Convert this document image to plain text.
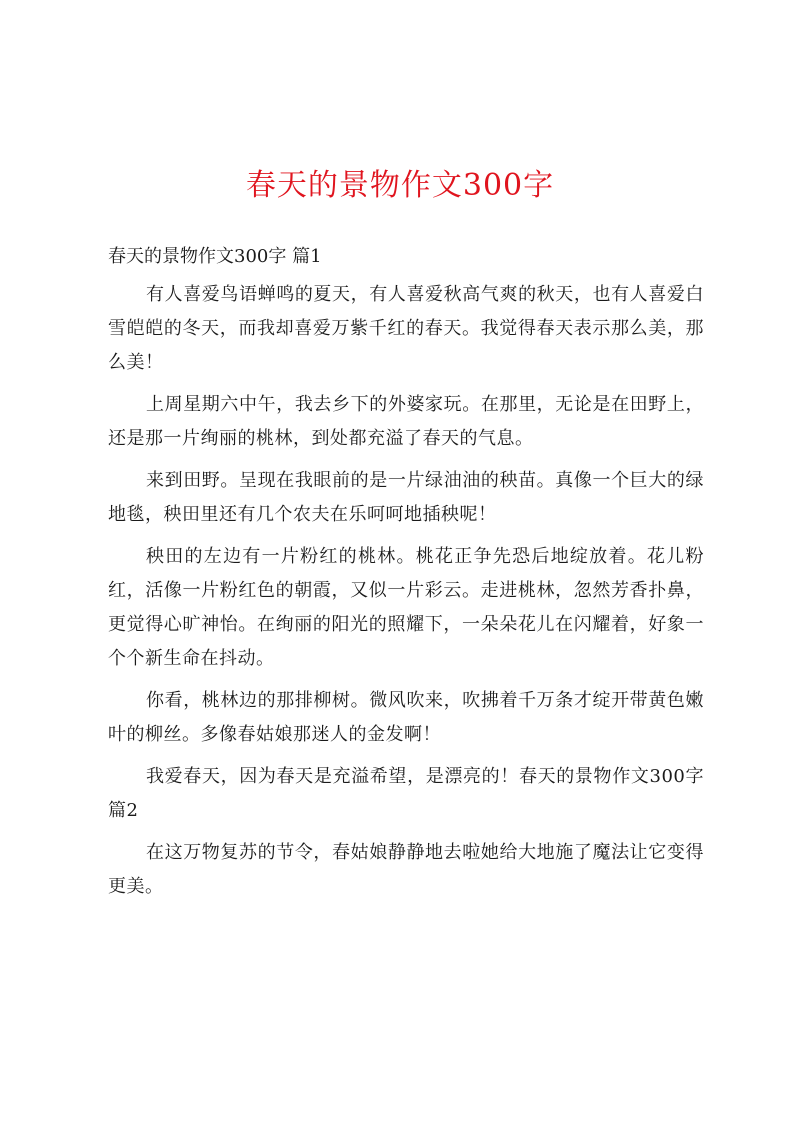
春天的景物作文300字
春天的景物作文300字 篇1

有人喜爱鸟语蝉鸣的夏天，有人喜爱秋高气爽的秋天，也有人喜爱白雪皑皑的冬天，而我却喜爱万紫千红的春天。我觉得春天表示那么美，那么美！

上周星期六中午，我去乡下的外婆家玩。在那里，无论是在田野上，还是那一片绚丽的桃林，到处都充溢了春天的气息。

来到田野。呈现在我眼前的是一片绿油油的秧苗。真像一个巨大的绿地毯，秧田里还有几个农夫在乐呵呵地插秧呢！

秧田的左边有一片粉红的桃林。桃花正争先恐后地绽放着。花儿粉红，活像一片粉红色的朝霞，又似一片彩云。走进桃林，忽然芳香扑鼻，更觉得心旷神怡。在绚丽的阳光的照耀下，一朵朵花儿在闪耀着，好象一个个新生命在抖动。

你看，桃林边的那排柳树。微风吹来，吹拂着千万条才绽开带黄色嫩叶的柳丝。多像春姑娘那迷人的金发啊！

我爱春天，因为春天是充溢希望，是漂亮的！春天的景物作文300字 篇2

在这万物复苏的节令，春姑娘静静地去啦她给大地施了魔法让它变得更美。
